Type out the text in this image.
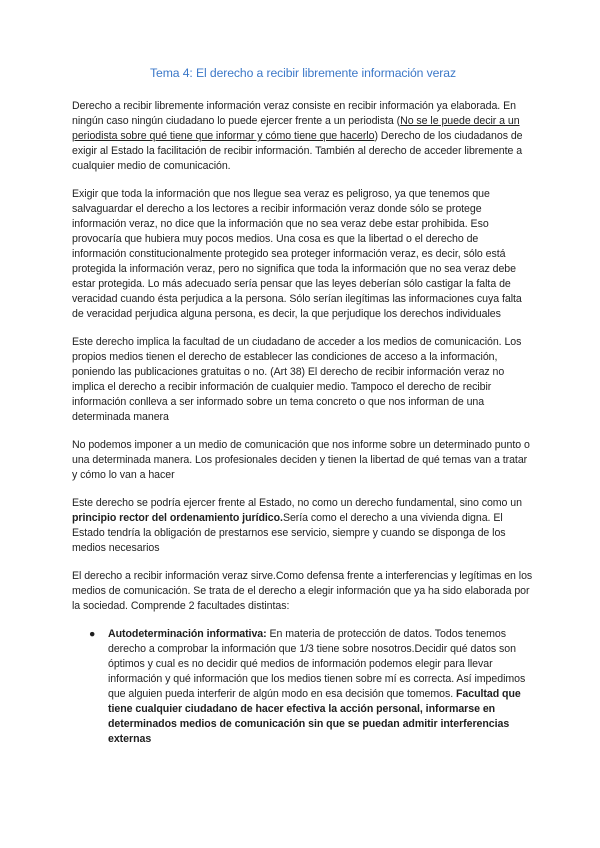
Tema 4: El derecho a recibir libremente información veraz

Derecho a recibir libremente información veraz consiste en recibir información ya elaborada. En ningún caso ningún ciudadano lo puede ejercer frente a un periodista (No se le puede decir a un periodista sobre qué tiene que informar y cómo tiene que hacerlo) Derecho de los ciudadanos de exigir al Estado la facilitación de recibir información. También al derecho de acceder libremente a cualquier medio de comunicación.

Exigir que toda la información que nos llegue sea veraz es peligroso, ya que tenemos que salvaguardar el derecho a los lectores a recibir información veraz donde sólo se protege información veraz, no dice que la información que no sea veraz debe estar prohibida. Eso provocaría que hubiera muy pocos medios. Una cosa es que la libertad o el derecho de información constitucionalmente protegido sea proteger información veraz, es decir, sólo está protegida la información veraz, pero no significa que toda la información que no sea veraz debe estar protegida. Lo más adecuado sería pensar que las leyes deberían sólo castigar la falta de veracidad cuando ésta perjudica a la persona. Sólo serían ilegítimas las informaciones cuya falta de veracidad perjudica alguna persona, es decir, la que perjudique los derechos individuales

Este derecho implica la facultad de un ciudadano de acceder a los medios de comunicación. Los propios medios tienen el derecho de establecer las condiciones de acceso a la información, poniendo las publicaciones gratuitas o no. (Art 38) El derecho de recibir información veraz no implica el derecho a recibir información de cualquier medio. Tampoco el derecho de recibir información conlleva a ser informado sobre un tema concreto o que nos informan de una determinada manera

No podemos imponer a un medio de comunicación que nos informe sobre un determinado punto o una determinada manera. Los profesionales deciden y tienen la libertad de qué temas van a tratar y cómo lo van a hacer

Este derecho se podría ejercer frente al Estado, no como un derecho fundamental, sino como un principio rector del ordenamiento jurídico.Sería como el derecho a una vivienda digna. El Estado tendría la obligación de prestarnos ese servicio, siempre y cuando se disponga de los medios necesarios

El derecho a recibir información veraz sirve.Como defensa frente a interferencias y legítimas en los medios de comunicación. Se trata de el derecho a elegir información que ya ha sido elaborada por la sociedad. Comprende 2 facultades distintas:

● Autodeterminación informativa: En materia de protección de datos. Todos tenemos derecho a comprobar la información que 1/3 tiene sobre nosotros.Decidir qué datos son óptimos y cual es no decidir qué medios de información podemos elegir para llevar información y qué información que los medios tienen sobre mí es correcta. Así impedimos que alguien pueda interferir de algún modo en esa decisión que tomemos. Facultad que tiene cualquier ciudadano de hacer efectiva la acción personal, informarse en determinados medios de comunicación sin que se puedan admitir interferencias externas
